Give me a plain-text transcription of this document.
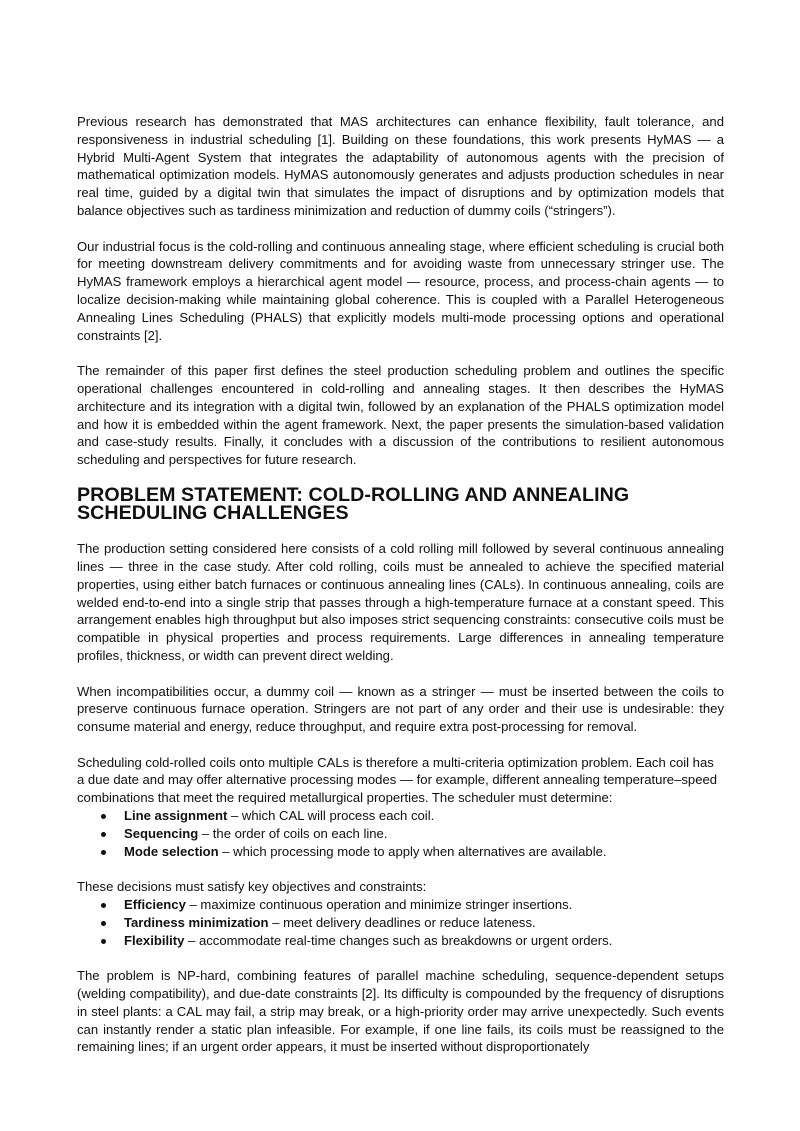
Previous research has demonstrated that MAS architectures can enhance flexibility, fault tolerance, and responsiveness in industrial scheduling [1]. Building on these foundations, this work presents HyMAS — a Hybrid Multi-Agent System that integrates the adaptability of autonomous agents with the precision of mathematical optimization models. HyMAS autonomously generates and adjusts production schedules in near real time, guided by a digital twin that simulates the impact of disruptions and by optimization models that balance objectives such as tardiness minimization and reduction of dummy coils (“stringers”).

Our industrial focus is the cold-rolling and continuous annealing stage, where efficient scheduling is crucial both for meeting downstream delivery commitments and for avoiding waste from unnecessary stringer use. The HyMAS framework employs a hierarchical agent model — resource, process, and process-chain agents — to localize decision-making while maintaining global coherence. This is coupled with a Parallel Heterogeneous Annealing Lines Scheduling (PHALS) that explicitly models multi-mode processing options and operational constraints [2].

The remainder of this paper first defines the steel production scheduling problem and outlines the specific operational challenges encountered in cold-rolling and annealing stages. It then describes the HyMAS architecture and its integration with a digital twin, followed by an explanation of the PHALS optimization model and how it is embedded within the agent framework. Next, the paper presents the simulation-based validation and case-study results. Finally, it concludes with a discussion of the contributions to resilient autonomous scheduling and perspectives for future research.

PROBLEM STATEMENT: COLD-ROLLING AND ANNEALING SCHEDULING CHALLENGES

The production setting considered here consists of a cold rolling mill followed by several continuous annealing lines — three in the case study. After cold rolling, coils must be annealed to achieve the specified material properties, using either batch furnaces or continuous annealing lines (CALs). In continuous annealing, coils are welded end-to-end into a single strip that passes through a high-temperature furnace at a constant speed. This arrangement enables high throughput but also imposes strict sequencing constraints: consecutive coils must be compatible in physical properties and process requirements. Large differences in annealing temperature profiles, thickness, or width can prevent direct welding.

When incompatibilities occur, a dummy coil — known as a stringer — must be inserted between the coils to preserve continuous furnace operation. Stringers are not part of any order and their use is undesirable: they consume material and energy, reduce throughput, and require extra post-processing for removal.

Scheduling cold-rolled coils onto multiple CALs is therefore a multi-criteria optimization problem. Each coil has a due date and may offer alternative processing modes — for example, different annealing temperature–speed combinations that meet the required metallurgical properties. The scheduler must determine:

Line assignment – which CAL will process each coil.
Sequencing – the order of coils on each line.
Mode selection – which processing mode to apply when alternatives are available.

These decisions must satisfy key objectives and constraints:

Efficiency – maximize continuous operation and minimize stringer insertions.
Tardiness minimization – meet delivery deadlines or reduce lateness.
Flexibility – accommodate real-time changes such as breakdowns or urgent orders.

The problem is NP-hard, combining features of parallel machine scheduling, sequence-dependent setups (welding compatibility), and due-date constraints [2]. Its difficulty is compounded by the frequency of disruptions in steel plants: a CAL may fail, a strip may break, or a high-priority order may arrive unexpectedly. Such events can instantly render a static plan infeasible. For example, if one line fails, its coils must be reassigned to the remaining lines; if an urgent order appears, it must be inserted without disproportionately
